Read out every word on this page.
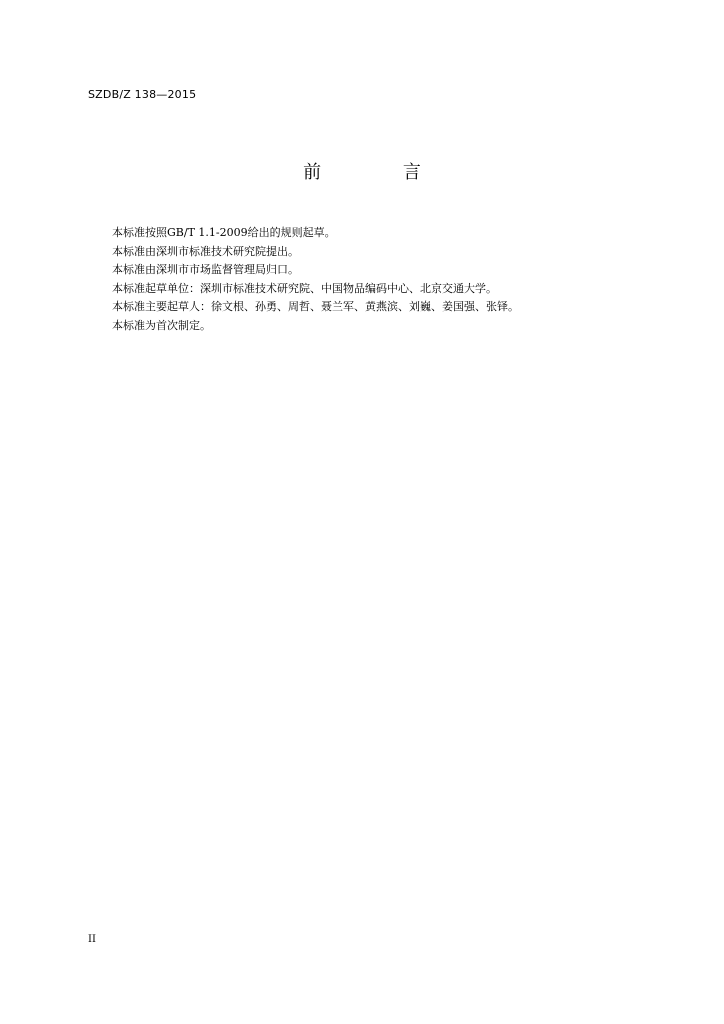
SZDB/Z 138—2015
前 言
本标准按照GB/T 1.1-2009给出的规则起草。
本标准由深圳市标准技术研究院提出。
本标准由深圳市市场监督管理局归口。
本标准起草单位：深圳市标准技术研究院、中国物品编码中心、北京交通大学。
本标准主要起草人：徐文根、孙勇、周哲、聂兰军、黄燕滨、刘巍、姜国强、张铎。
本标准为首次制定。
II
